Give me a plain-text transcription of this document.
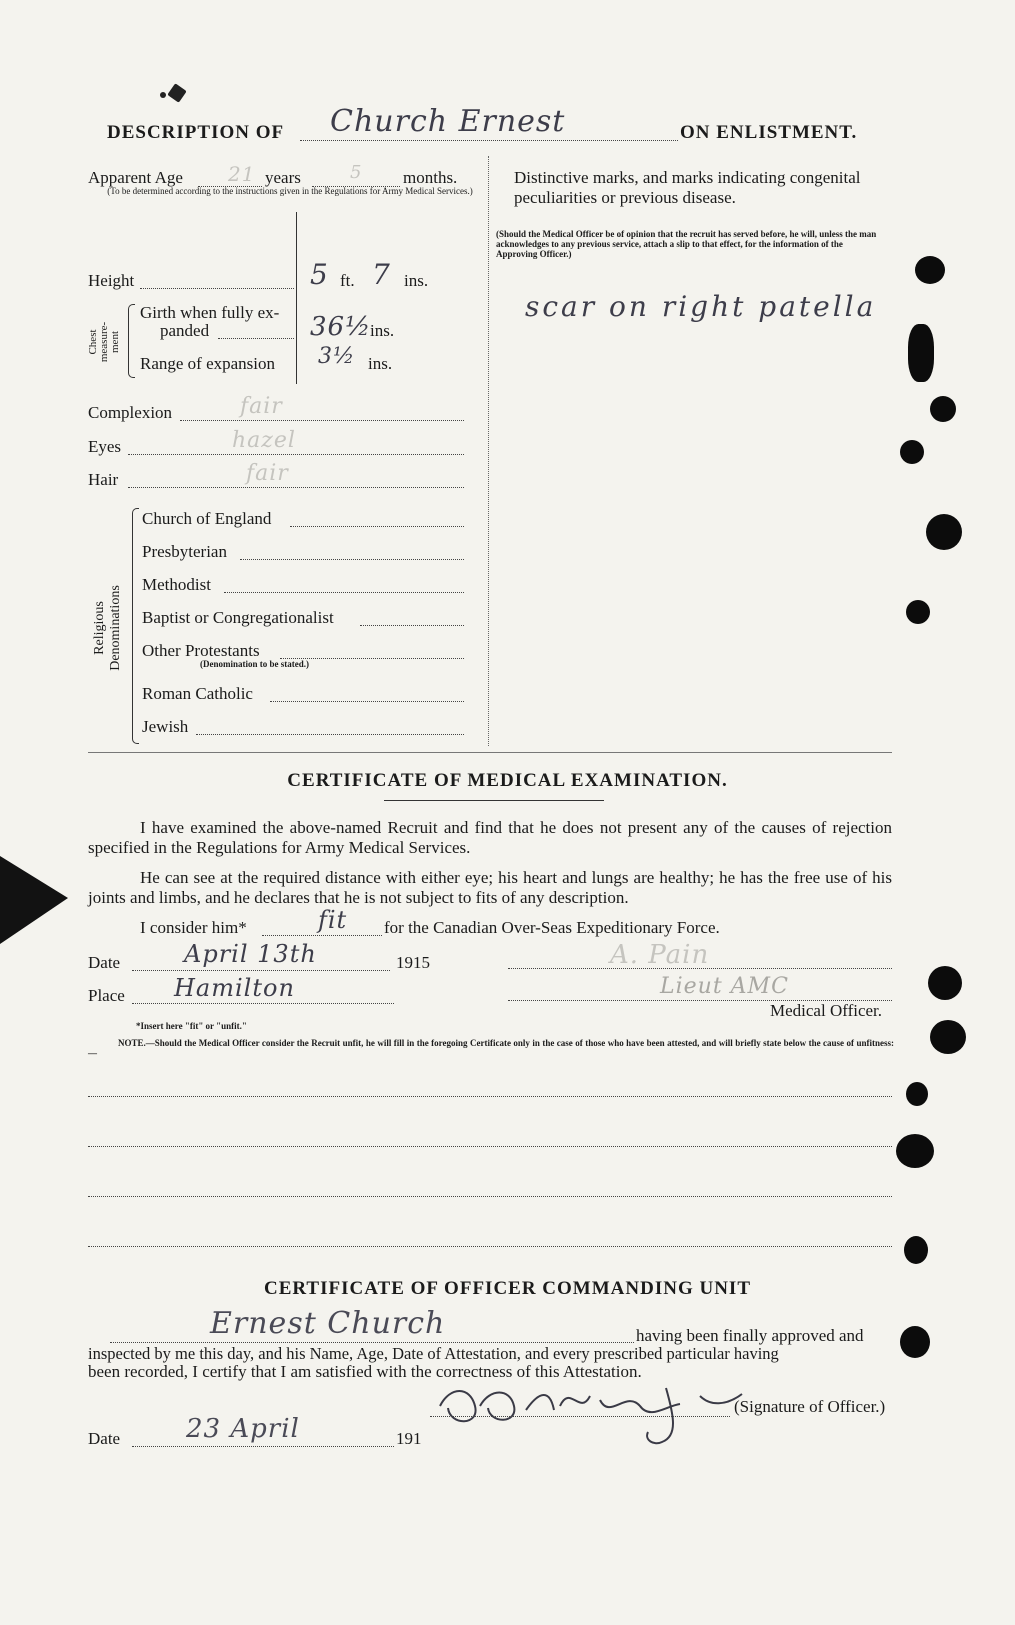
DESCRIPTION OF Church Ernest	ON ENLISTMENT.
Apparent Age 21 years	5 months.
(To be determined according to the instructions given in the Regulations for Army Medical Services.)
Height	5 ft. 7 ins.
Chest measure-ment
Girth when fully ex-
panded	36½
ins.
Range of expansion 3½ ins.
Complexion	fair
Eyes	hazel
Hair	fair
Religious Denominations
Church of England
Presbyterian
Methodist
Baptist or Congregationalist
Other Protestants
(Denomination to be stated.)
Roman Catholic
Jewish
Distinctive marks, and marks indicating congenital peculiarities or previous disease.
(Should the Medical Officer be of opinion that the recruit has served before, he will, unless the man acknowledges to any previous service, attach a slip to that effect, for the information of the Approving Officer.)
scar on right patella
CERTIFICATE OF MEDICAL EXAMINATION.
I have examined the above-named Recruit and find that he does not present any of the causes of rejection specified in the Regulations for Army Medical Services.
He can see at the required distance with either eye; his heart and lungs are healthy; he has the free use of his joints and limbs, and he declares that he is not subject to fits of any description.
I consider him*	fit for the Canadian Over-Seas Expeditionary Force.
Date	April 13th	1915	A. Pain
Place Hamilton	Lieut AMC
Medical Officer.
*Insert here "fit" or "unfit."
NOTE.—Should the Medical Officer consider the Recruit unfit, he will fill in the foregoing Certificate only in the case of those who have been attested, and will briefly state below the cause of unfitness:—
CERTIFICATE OF OFFICER COMMANDING UNIT
Ernest Church	having been finally approved and
inspected by me this day, and his Name, Age, Date of Attestation, and every prescribed particular having
been recorded, I certify that I am satisfied with the correctness of this Attestation.
(Signature of Officer.)
Date	23 April	191
